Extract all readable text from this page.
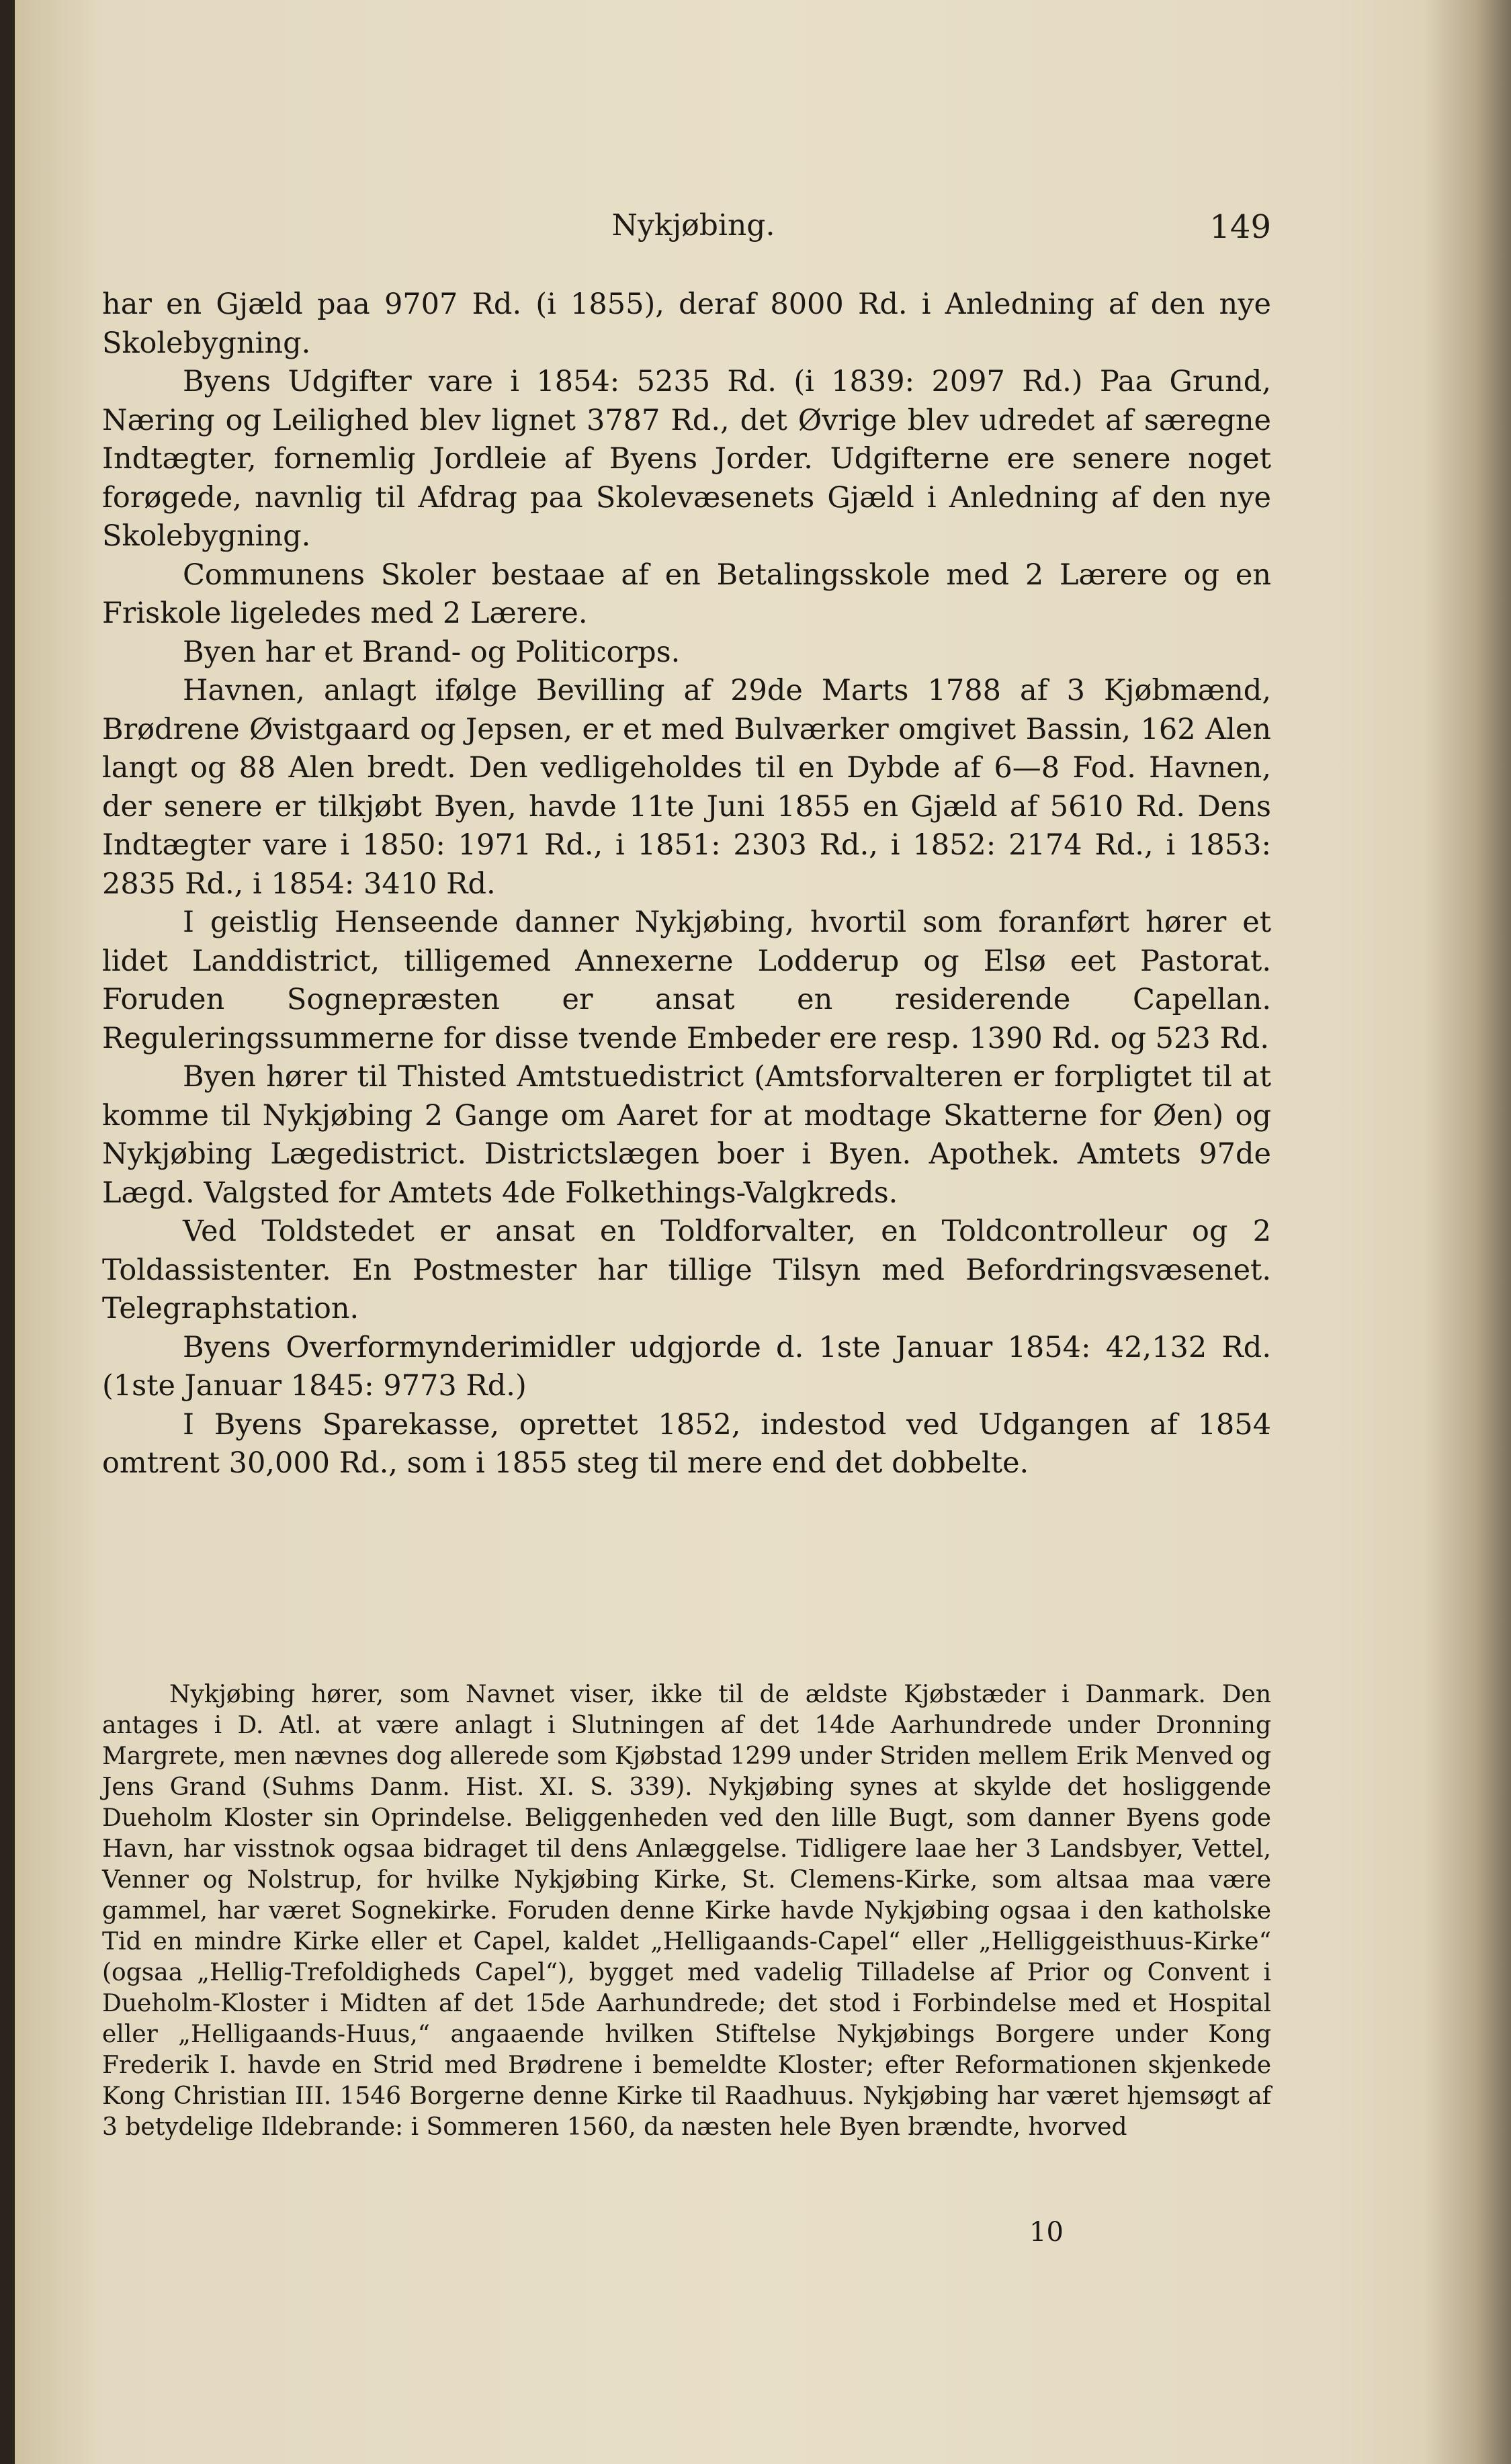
Nykjøbing.	149

har en Gjæld paa 9707 Rd. (i 1855), deraf 8000 Rd. i Anledning af den nye Skolebygning.

Byens Udgifter vare i 1854: 5235 Rd. (i 1839: 2097 Rd.) Paa Grund, Næring og Leilighed blev lignet 3787 Rd., det Øvrige blev udredet af særegne Indtægter, fornemlig Jordleie af Byens Jorder. Udgifterne ere senere noget forøgede, navnlig til Afdrag paa Skolevæsenets Gjæld i Anledning af den nye Skolebygning.

Communens Skoler bestaae af en Betalingsskole med 2 Lærere og en Friskole ligeledes med 2 Lærere.

Byen har et Brand- og Politicorps.

Havnen, anlagt ifølge Bevilling af 29de Marts 1788 af 3 Kjøbmænd, Brødrene Øvistgaard og Jepsen, er et med Bulværker omgivet Bassin, 162 Alen langt og 88 Alen bredt. Den vedligeholdes til en Dybde af 6—8 Fod. Havnen, der senere er tilkjøbt Byen, havde 11te Juni 1855 en Gjæld af 5610 Rd. Dens Indtægter vare i 1850: 1971 Rd., i 1851: 2303 Rd., i 1852: 2174 Rd., i 1853: 2835 Rd., i 1854: 3410 Rd.

I geistlig Henseende danner Nykjøbing, hvortil som foranført hører et lidet Landdistrict, tilligemed Annexerne Lodderup og Elsø eet Pastorat. Foruden Sognepræsten er ansat en residerende Capellan. Reguleringssummerne for disse tvende Embeder ere resp. 1390 Rd. og 523 Rd.

Byen hører til Thisted Amtstuedistrict (Amtsforvalteren er forpligtet til at komme til Nykjøbing 2 Gange om Aaret for at modtage Skatterne for Øen) og Nykjøbing Lægedistrict. Districtslægen boer i Byen. Apothek. Amtets 97de Lægd. Valgsted for Amtets 4de Folkethings-Valgkreds.

Ved Toldstedet er ansat en Toldforvalter, en Toldcontrolleur og 2 Toldassistenter. En Postmester har tillige Tilsyn med Befordringsvæsenet. Telegraphstation.

Byens Overformynderimidler udgjorde d. 1ste Januar 1854: 42,132 Rd. (1ste Januar 1845: 9773 Rd.)

I Byens Sparekasse, oprettet 1852, indestod ved Udgangen af 1854 omtrent 30,000 Rd., som i 1855 steg til mere end det dobbelte.

Nykjøbing hører, som Navnet viser, ikke til de ældste Kjøbstæder i Danmark. Den antages i D. Atl. at være anlagt i Slutningen af det 14de Aarhundrede under Dronning Margrete, men nævnes dog allerede som Kjøbstad 1299 under Striden mellem Erik Menved og Jens Grand (Suhms Danm. Hist. XI. S. 339). Nykjøbing synes at skylde det hosliggende Dueholm Kloster sin Oprindelse. Beliggenheden ved den lille Bugt, som danner Byens gode Havn, har visstnok ogsaa bidraget til dens Anlæggelse. Tidligere laae her 3 Landsbyer, Vettel, Venner og Nolstrup, for hvilke Nykjøbing Kirke, St. Clemens-Kirke, som altsaa maa være gammel, har været Sognekirke. Foruden denne Kirke havde Nykjøbing ogsaa i den katholske Tid en mindre Kirke eller et Capel, kaldet „Helligaands-Capel“ eller „Helliggeisthuus-Kirke“ (ogsaa „Hellig-Trefoldigheds Capel“), bygget med vadelig Tilladelse af Prior og Convent i Dueholm-Kloster i Midten af det 15de Aarhundrede; det stod i Forbindelse med et Hospital eller „Helligaands-Huus,“ angaaende hvilken Stiftelse Nykjøbings Borgere under Kong Frederik I. havde en Strid med Brødrene i bemeldte Kloster; efter Reformationen skjenkede Kong Christian III. 1546 Borgerne denne Kirke til Raadhuus. Nykjøbing har været hjemsøgt af 3 betydelige Ildebrande: i Sommeren 1560, da næsten hele Byen brændte, hvorved

10
